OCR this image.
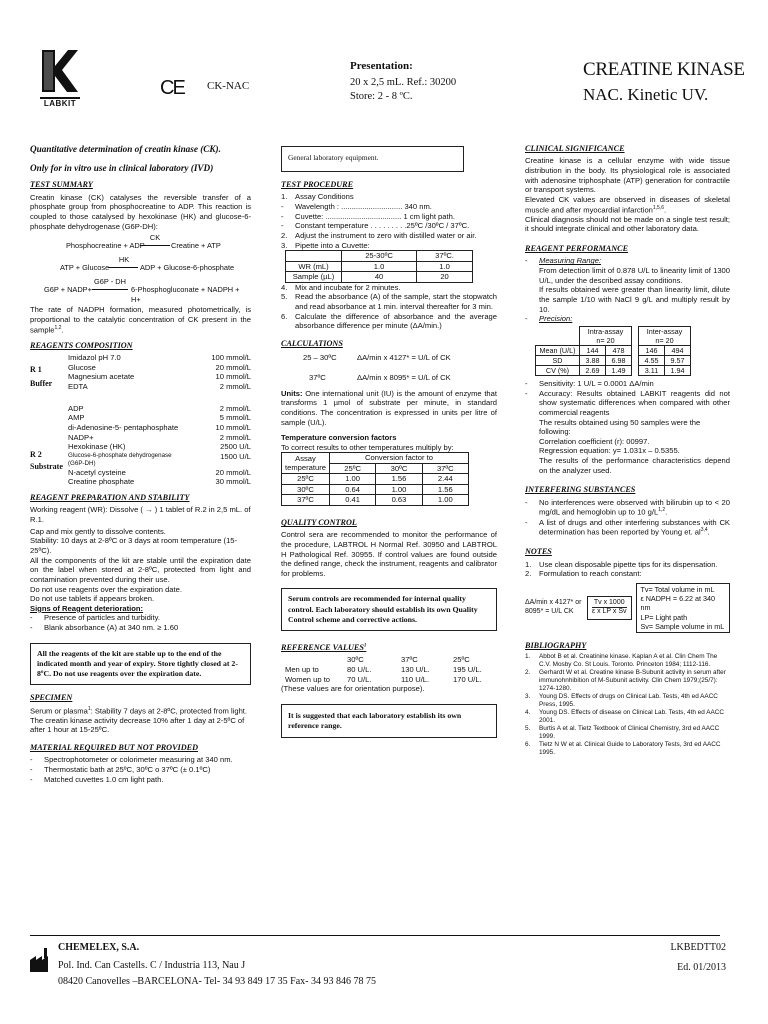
LABKIT
CE CK-NAC
Presentation:
20 x 2,5 mL. Ref.: 30200
Store: 2 - 8 ºC.
CREATINE KINASE
NAC. Kinetic UV.
Quantitative determination of creatin kinase (CK).
Only for in vitro use in clinical laboratory (IVD)
TEST SUMMARY

Creatin kinase (CK) catalyses the reversible transfer of a phosphate group from phosphocreatine to ADP. This reaction is coupled to those catalysed by hexokinase (HK) and glucose-6-phosphate dehydrogenase (G6P-DH):

Phosphocreatine + ADP
CK
Creatine + ATP
ATP + Glucose
HK
ADP + Glucose-6-phosphate
G6P + NADP+
G6P - DH
6-Phosphogluconate + NADPH + H+

The rate of NADPH formation, measured photometrically, is proportional to the catalytic concentration of CK present in the sample$^{1,2}$.

REAGENTS COMPOSITION
R 1
Buffer
Imidazol pH 7.0	100 mmol/L
Glucose	20 mmol/L
Magnesium acetate	10 mmol/L
EDTA	2 mmol/L
R 2
Substrate
ADP	2 mmol/L
AMP	5 mmol/L
di-Adenosine-5- pentaphosphate	10 mmol/L
NADP+	2 mmol/L
Hexokinase (HK)	2500 U/L
Glucose-6-phosphate dehydrogenase (G6P-DH)
1500 U/L
N-acetyl cysteine	20 mmol/L
Creatine phosphate	30 mmol/L
REAGENT PREPARATION AND STABILITY

Working reagent (WR): Dissolve ( → ) 1 tablet of R.2 in 2,5 mL. of R.1.

Cap and mix gently to dissolve contents.

Stability: 10 days at 2-8ºC or 3 days at room temperature (15-25ºC).

All the components of the kit are stable until the expiration date on the label when stored at 2-8ºC, protected from light and contamination prevented during their use.

Do not use reagents over the expiration date.

Do not use tablets if appears broken.

Signs of Reagent deterioration:

-	Presence of particles and turbidity.
-	Blank absorbance (A) at 340 nm. ≥ 1.60
All the reagents of the kit are stable up to the end of the indicated month and year of expiry. Store tightly closed at 2-8ºC. Do not use reagents over the expiration date.
SPECIMEN

Serum or plasma$^1$: Stability 7 days at 2-8ºC, protected from light.

The creatin kinase activity decrease 10% after 1 day at 2-5ºC of after 1 hour at 15-25ºC.

MATERIAL REQUIRED BUT NOT PROVIDED
-	Spectrophotometer or colorimeter measuring at 340 nm.
-	Thermostatic bath at 25ºC, 30ºC o 37ºC (± 0.1ºC)
-	Matched cuvettes 1.0 cm light path.
General laboratory equipment.
TEST PROCEDURE
1.	Assay Conditions
-	Wavelength : ............................. 340 nm.
-	Cuvette: .................................... 1 cm light path.
-	Constant temperature . . . . . . . . .25ºC /30ºC / 37ºC.
2.	Adjust the instrument to zero with distilled water or air.
3.	Pipette into a Cuvette:
	25-30ºC	37ºC.
WR (mL)	1.0	1.0
Sample (µL)	40	20
4.	Mix and incubate for 2 minutes.
5.	Read the absorbance (A) of the sample, start the stopwatch and read absorbance at 1 min. interval thereafter for 3 min.
6.	Calculate the difference of absorbance and the average absorbance difference per minute (ΔA/min.)
CALCULATIONS
25 – 30ºC	ΔA/min x 4127* = U/L of CK
37ºC	ΔA/min x 8095* = U/L of CK

Units: One international unit (IU) is the amount of enzyme that transforms 1 µmol of substrate per minute, in standard conditions. The concentration is expressed in units per litre of sample (U/L).

Temperature conversion factors

To correct results to other temperatures multiply by:

Assay temperature	Conversion factor to		
	25ºC	30ºC	37ºC
25ºC	1.00	1.56	2.44
30ºC	0.64	1.00	1.56
37ºC	0.41	0.63	1.00
QUALITY CONTROL

Control sera are recommended to monitor the performance of the procedure, LABTROL H Normal Ref. 30950 and LABTROL H Pathological Ref. 30955. If control values are found outside the defined range, check the instrument, reagents and calibrator for problems.

Serum controls are recommended for internal quality control. Each laboratory should establish its own Quality Control scheme and corrective actions.
REFERENCE VALUES$^1$
30ºC	37ºC	25ºC
Men up to	80 U/L.	130 U/L.	195 U/L.
Women up to	70 U/L.	110 U/L.	170 U/L.

(These values are for orientation purpose).

It is suggested that each laboratory establish its own reference range.
CLINICAL SIGNIFICANCE

Creatine kinase is a cellular enzyme with wide tissue distribution in the body. Its physiological role is associated with adenosine triphosphate (ATP) generation for contractile or transport systems.

Elevated CK values are observed in diseases of skeletal muscle and after myocardial infarction$^{1,5,6}$.

Clinical diagnosis should not be made on a single test result; it should integrate clinical and other laboratory data.

REAGENT PERFORMANCE
-	Measuring Range:

From detection limit of 0.878 U/L to linearity limit of 1300 U/L, under the described assay conditions.

If results obtained were greater than linearity limit, dilute the sample 1/10 with NaCl 9 g/L and multiply result by 10.

-	Precision:
	Intra-assay n= 20			Inter-assay n= 20	
Mean (U/L)	144	478		146	494
SD	3.88	6.98		4.55	9.57
CV (%)	2.69	1.49		3.11	1.94
-	Sensitivity: 1 U/L = 0.0001 ΔA/min
-	Accuracy: Results obtained LABKIT reagents did not show systematic differences when compared with other commercial reagents

The results obtained using 50 samples were the following:

Correlation coefficient (r): 00997.

Regression equation: y= 1.031x – 0.5355.

The results of the performance characteristics depend on the analyzer used.

INTERFERING SUBSTANCES
-	No interferences were observed with bilirubin up to < 20 mg/dL and hemoglobin up to 10 $g/L^{1,2}$.
-	A list of drugs and other interfering substances with CK determination has been reported by Young et. al$^{3,4}$.
NOTES
1.	Use clean disposable pipette tips for its dispensation.
2.	Formulation to reach constant:
ΔA/min x 4127* or 8095* = U/L CK
Tv x 1000
ε x LP x Sv
Tv= Total volume in mL
ε NADPH = 6.22 at 340 nm
LP= Light path
Sv= Sample volume in mL
BIBLIOGRAPHY
1.	Abbot B et al. Creatinine kinase. Kaplan A et al. Clin Chem The C.V. Mosby Co. St Louis. Toronto. Princeton 1984; 1112-116.
2.	Gerhardt W et al. Creatine kinase B-Subunit activity in serum after immunohnhibition of M-Subunit activity. Clin Chem 1979;(25/7): 1274-1280.
3.	Young DS. Effects of drugs on Clinical Lab. Tests, 4th ed AACC Press, 1995.
4.	Young DS. Effects of disease on Clinical Lab. Tests, 4th ed AACC 2001.
5.	Burtis A et al. Tietz Textbook of Clinical Chemistry, 3rd ed AACC 1999.
6.	Tietz N W et al. Clinical Guide to Laboratory Tests, 3rd ed AACC 1995.
CHEMELEX, S.A.
Pol. Ind. Can Castells. C / Industria 113, Nau J
08420 Canovelles –BARCELONA- Tel- 34 93 849 17 35 Fax- 34 93 846 78 75
LKBEDTT02
Ed. 01/2013
